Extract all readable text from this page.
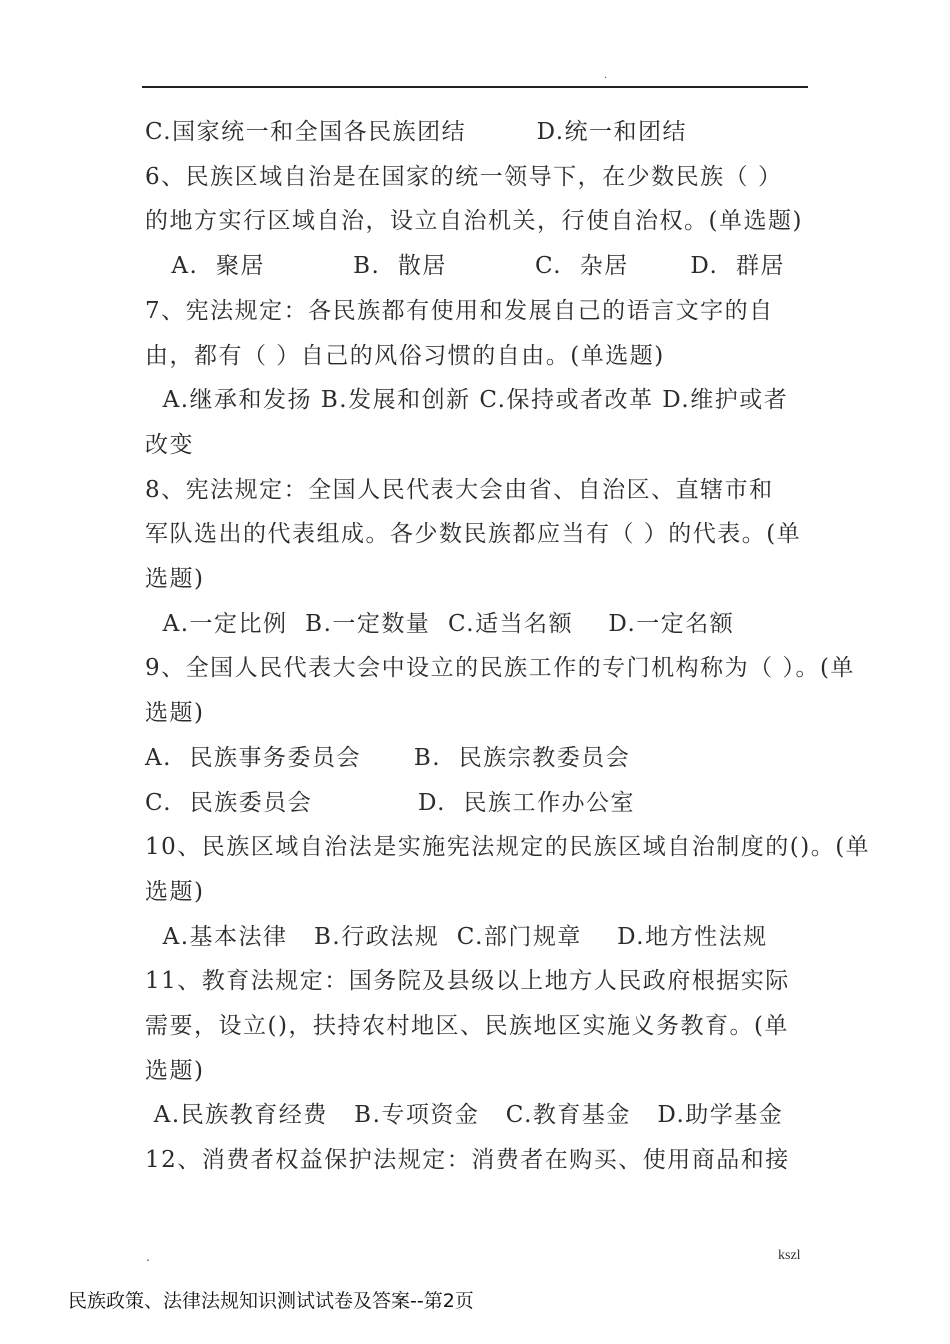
.
C.国家统一和全国各民族团结        D.统一和团结
6、民族区域自治是在国家的统一领导下，在少数民族（ ）
的地方实行区域自治，设立自治机关，行使自治权。(单选题)
A.  聚居          B.  散居          C.  杂居       D.  群居
7、宪法规定：各民族都有使用和发展自己的语言文字的自
由，都有（ ）自己的风俗习惯的自由。(单选题)
A.继承和发扬 B.发展和创新 C.保持或者改革 D.维护或者
改变
8、宪法规定：全国人民代表大会由省、自治区、直辖市和
军队选出的代表组成。各少数民族都应当有（ ）的代表。(单
选题)
A.一定比例  B.一定数量  C.适当名额    D.一定名额
9、全国人民代表大会中设立的民族工作的专门机构称为（ ）。(单
选题)
A.  民族事务委员会      B.  民族宗教委员会
C.  民族委员会            D.  民族工作办公室
10、民族区域自治法是实施宪法规定的民族区域自治制度的()。(单
选题)
A.基本法律   B.行政法规  C.部门规章    D.地方性法规
11、教育法规定：国务院及县级以上地方人民政府根据实际
需要，设立()，扶持农村地区、民族地区实施义务教育。(单
选题)
A.民族教育经费   B.专项资金   C.教育基金   D.助学基金
12、消费者权益保护法规定：消费者在购买、使用商品和接
.	kszl
民族政策、法律法规知识测试试卷及答案--第2页
